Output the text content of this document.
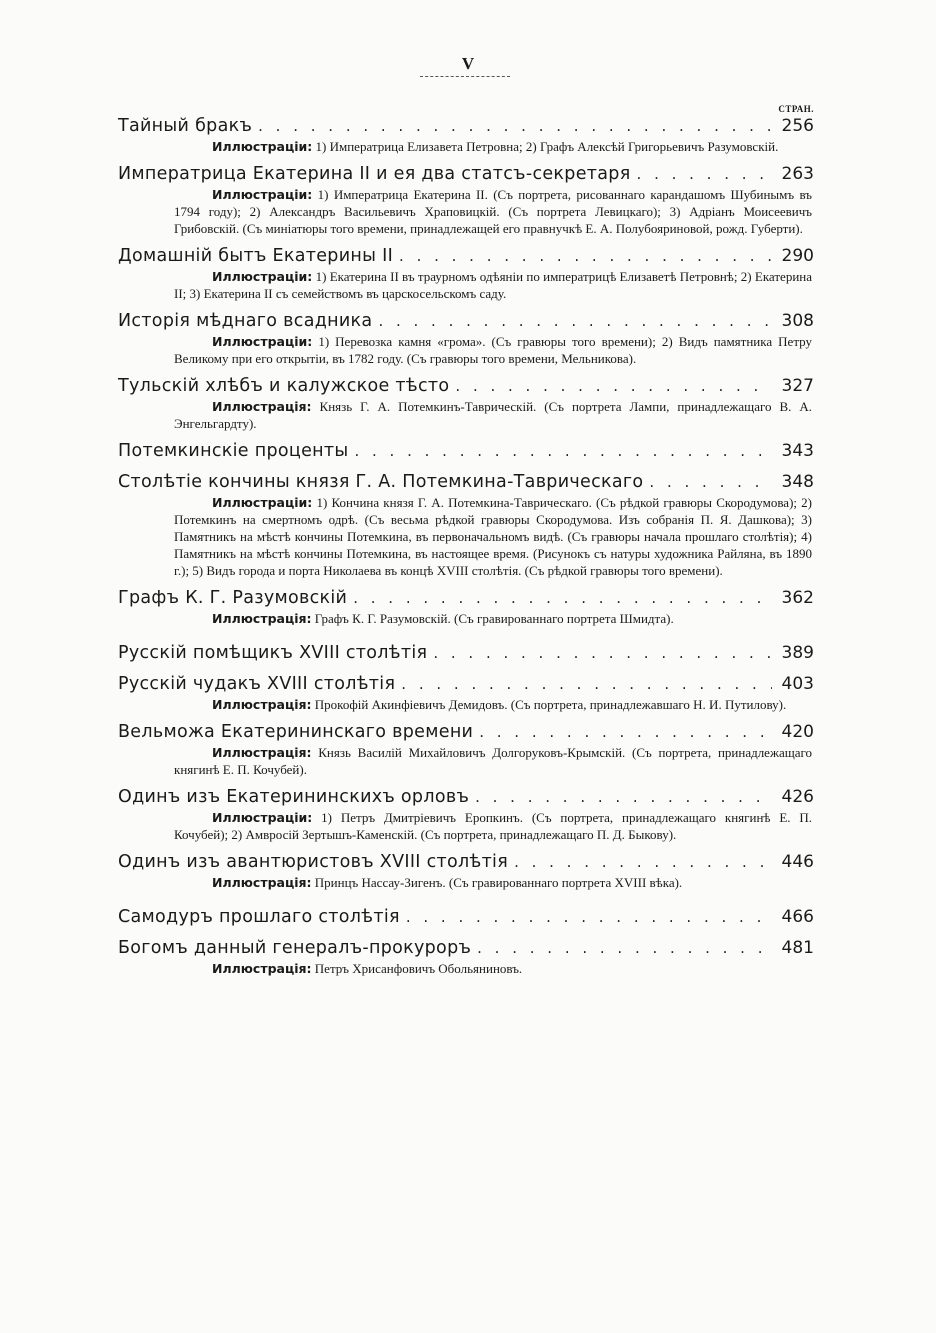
V
СТРАН.
Тайный бракъ . . .	256
Иллюстраціи: 1) Императрица Елизавета Петровна; 2) Графъ Алексѣй Григорьевичъ Разумовскій.
Императрица Екатерина II и ея два статсъ-секретаря . . .	263
Иллюстраціи: 1) Императрица Екатерина II. (Съ портрета, рисованнаго карандашомъ Шубинымъ въ 1794 году); 2) Александръ Васильевичъ Храповицкій. (Съ портрета Левицкаго); 3) Адріанъ Моисеевичъ Грибовскій. (Съ миніатюры того времени, принадлежащей его правнучкѣ Е. А. Полубояриновой, рожд. Губерти).
Домашній бытъ Екатерины II . . .	290
Иллюстраціи: 1) Екатерина II въ траурномъ одѣяніи по императрицѣ Елизаветѣ Петровнѣ; 2) Екатерина II; 3) Екатерина II съ семействомъ въ царскосельскомъ саду.
Исторія мѣднаго всадника . . .	308
Иллюстраціи: 1) Перевозка камня «грома». (Съ гравюры того времени); 2) Видъ памятника Петру Великому при его открытіи, въ 1782 году. (Съ гравюры того времени, Мельникова).
Тульскій хлѣбъ и калужское тѣсто . . .	327
Иллюстрація: Князь Г. А. Потемкинъ-Таврическій. (Съ портрета Лампи, принадлежащаго В. А. Энгельгардту).
Потемкинскіе проценты . . .	343
Столѣтіе кончины князя Г. А. Потемкина-Таврическаго . . .	348
Иллюстраціи: 1) Кончина князя Г. А. Потемкина-Таврическаго. (Съ рѣдкой гравюры Скородумова); 2) Потемкинъ на смертномъ одрѣ. (Съ весьма рѣдкой гравюры Скородумова. Изъ собранія П. Я. Дашкова); 3) Памятникъ на мѣстѣ кончины Потемкина, въ первоначальномъ видѣ. (Съ гравюры начала прошлаго столѣтія); 4) Памятникъ на мѣстѣ кончины Потемкина, въ настоящее время. (Рисунокъ съ натуры художника Райляна, въ 1890 г.); 5) Видъ города и порта Николаева въ концѣ XVIII столѣтія. (Съ рѣдкой гравюры того времени).
Графъ К. Г. Разумовскій . . .	362
Иллюстрація: Графъ К. Г. Разумовскій. (Съ гравированнаго портрета Шмидта).
Русскій помѣщикъ XVIII столѣтія . . .	389
Русскій чудакъ XVIII столѣтія . . .	403
Иллюстрація: Прокофій Акинфіевичъ Демидовъ. (Съ портрета, принадлежавшаго Н. И. Путилову).
Вельможа Екатерининскаго времени . . .	420
Иллюстрація: Князь Василій Михайловичъ Долгоруковъ-Крымскій. (Съ портрета, принадлежащаго княгинѣ Е. П. Кочубей).
Одинъ изъ Екатерининскихъ орловъ . . .	426
Иллюстраціи: 1) Петръ Дмитріевичъ Еропкинъ. (Съ портрета, принадлежащаго княгинѣ Е. П. Кочубей); 2) Амвросій Зертышъ-Каменскій. (Съ портрета, принадлежащаго П. Д. Быкову).
Одинъ изъ авантюристовъ XVIII столѣтія . . .	446
Иллюстрація: Принцъ Нассау-Зигенъ. (Съ гравированнаго портрета XVIII вѣка).
Самодуръ прошлаго столѣтія . . .	466
Богомъ данный генералъ-прокуроръ . . .	481
Иллюстрація: Петръ Хрисанфовичъ Обольяниновъ.
